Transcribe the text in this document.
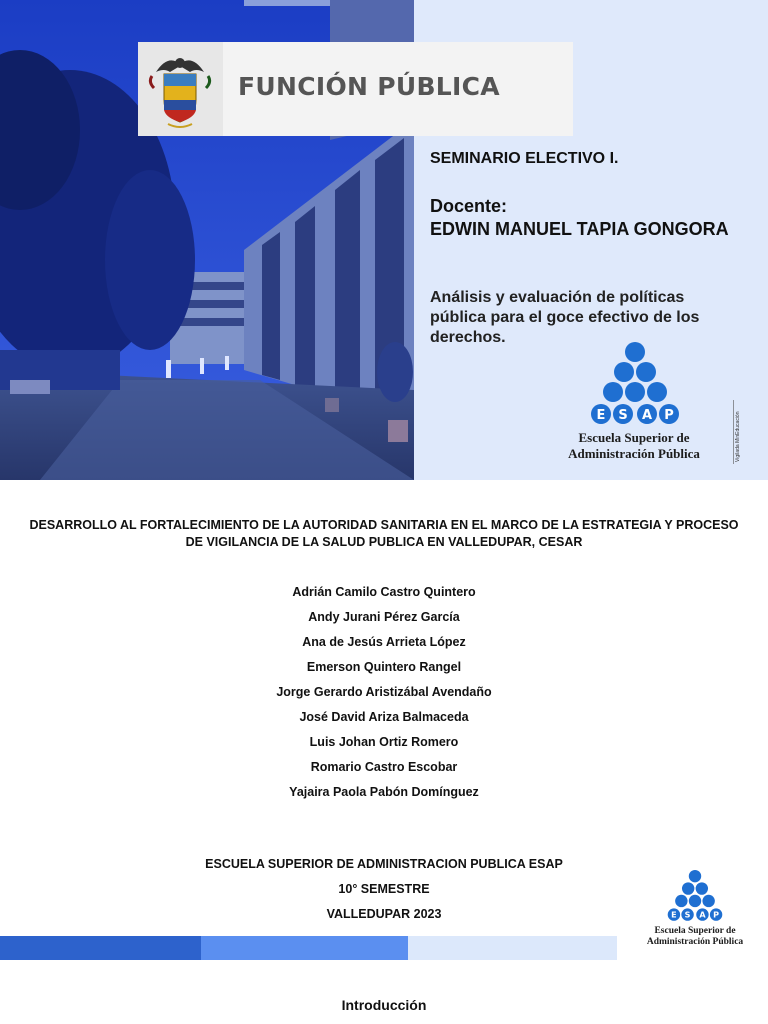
FUNCIÓN PÚBLICA
SEMINARIO ELECTIVO I.
Docente:
EDWIN MANUEL TAPIA GONGORA
Análisis y evaluación de políticas pública para el goce efectivo de los derechos.
E S A P
Escuela Superior de
Administración Pública	Vigilada MinEducación
DESARROLLO AL FORTALECIMIENTO DE LA AUTORIDAD SANITARIA EN EL MARCO DE LA ESTRATEGIA Y PROCESO DE VIGILANCIA DE LA SALUD PUBLICA EN VALLEDUPAR, CESAR
Adrián Camilo Castro Quintero
Andy Jurani Pérez García
Ana de Jesús Arrieta López
Emerson Quintero Rangel
Jorge Gerardo Aristizábal Avendaño
José David Ariza Balmaceda
Luis Johan Ortiz Romero
Romario Castro Escobar
Yajaira Paola Pabón Domínguez
ESCUELA SUPERIOR DE ADMINISTRACION PUBLICA ESAP
10° SEMESTRE
VALLEDUPAR 2023	E S A P
Escuela Superior de
Administración Pública
Introducción
